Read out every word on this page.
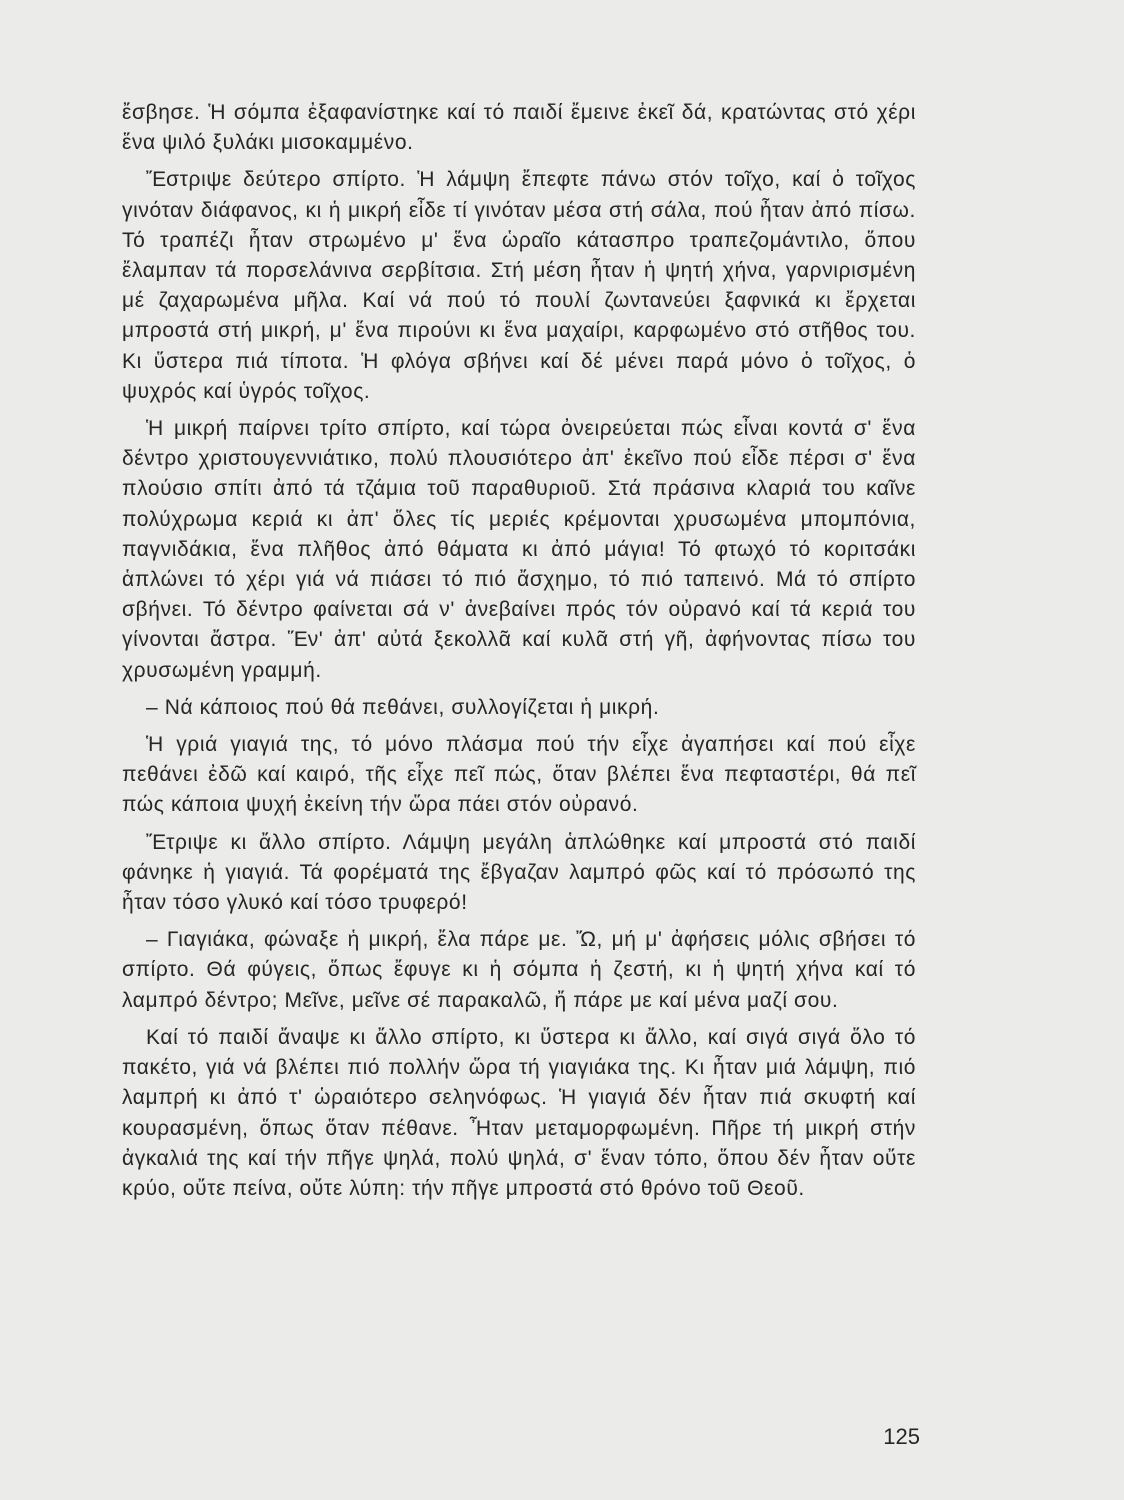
ἔσβησε. Ἡ σόμπα ἐξαφανίστηκε καί τό παιδί ἔμεινε ἐκεῖ δά, κρατώντας στό χέρι ἕνα ψιλό ξυλάκι μισοκαμμένο.

Ἔστριψε δεύτερο σπίρτο. Ἡ λάμψη ἔπεφτε πάνω στόν τοῖχο, καί ὁ τοῖχος γινόταν διάφανος, κι ἡ μικρή εἶδε τί γινόταν μέσα στή σάλα, πού ἦταν ἀπό πίσω. Τό τραπέζι ἦταν στρωμένο μ' ἕνα ὡραῖο κάτασπρο τραπεζομάντιλο, ὅπου ἔλαμπαν τά πορσελάνινα σερβίτσια. Στή μέση ἦταν ἡ ψητή χήνα, γαρνιρισμένη μέ ζαχαρωμένα μῆλα. Καί νά πού τό πουλί ζωντανεύει ξαφνικά κι ἔρχεται μπροστά στή μικρή, μ' ἕνα πιρούνι κι ἕνα μαχαίρι, καρφωμένο στό στῆθος του. Κι ὕστερα πιά τίποτα. Ἡ φλόγα σβήνει καί δέ μένει παρά μόνο ὁ τοῖχος, ὁ ψυχρός καί ὑγρός τοῖχος.

Ἡ μικρή παίρνει τρίτο σπίρτο, καί τώρα ὀνειρεύεται πώς εἶναι κοντά σ' ἕνα δέντρο χριστουγεννιάτικο, πολύ πλουσιότερο ἀπ' ἐκεῖνο πού εἶδε πέρσι σ' ἕνα πλούσιο σπίτι ἀπό τά τζάμια τοῦ παραθυριοῦ. Στά πράσινα κλαριά του καῖνε πολύχρωμα κεριά κι ἀπ' ὅλες τίς μεριές κρέμονται χρυσωμένα μπομπόνια, παγνιδάκια, ἕνα πλῆθος ἀπό θάματα κι ἀπό μάγια! Τό φτωχό τό κοριτσάκι ἁπλώνει τό χέρι γιά νά πιάσει τό πιό ἄσχημο, τό πιό ταπεινό. Μά τό σπίρτο σβήνει. Τό δέντρο φαίνεται σά ν' ἀνεβαίνει πρός τόν οὐρανό καί τά κεριά του γίνονται ἄστρα. Ἕν' ἀπ' αὐτά ξεκολλᾶ καί κυλᾶ στή γῆ, ἀφήνοντας πίσω του χρυσωμένη γραμμή.

– Νά κάποιος πού θά πεθάνει, συλλογίζεται ἡ μικρή.

Ἡ γριά γιαγιά της, τό μόνο πλάσμα πού τήν εἶχε ἀγαπήσει καί πού εἶχε πεθάνει ἐδῶ καί καιρό, τῆς εἶχε πεῖ πώς, ὅταν βλέπει ἕνα πεφταστέρι, θά πεῖ πώς κάποια ψυχή ἐκείνη τήν ὥρα πάει στόν οὐρανό.

Ἔτριψε κι ἄλλο σπίρτο. Λάμψη μεγάλη ἁπλώθηκε καί μπροστά στό παιδί φάνηκε ἡ γιαγιά. Τά φορέματά της ἔβγαζαν λαμπρό φῶς καί τό πρόσωπό της ἦταν τόσο γλυκό καί τόσο τρυφερό!

– Γιαγιάκα, φώναξε ἡ μικρή, ἔλα πάρε με. Ὤ, μή μ' ἀφήσεις μόλις σβήσει τό σπίρτο. Θά φύγεις, ὅπως ἔφυγε κι ἡ σόμπα ἡ ζεστή, κι ἡ ψητή χήνα καί τό λαμπρό δέντρο; Μεῖνε, μεῖνε σέ παρακαλῶ, ἤ πάρε με καί μένα μαζί σου.

Καί τό παιδί ἄναψε κι ἄλλο σπίρτο, κι ὕστερα κι ἄλλο, καί σιγά σιγά ὅλο τό πακέτο, γιά νά βλέπει πιό πολλήν ὥρα τή γιαγιάκα της. Κι ἦταν μιά λάμψη, πιό λαμπρή κι ἀπό τ' ὡραιότερο σεληνόφως. Ἡ γιαγιά δέν ἦταν πιά σκυφτή καί κουρασμένη, ὅπως ὅταν πέθανε. Ἦταν μεταμορφωμένη. Πῆρε τή μικρή στήν ἀγκαλιά της καί τήν πῆγε ψηλά, πολύ ψηλά, σ' ἕναν τόπο, ὅπου δέν ἦταν οὔτε κρύο, οὔτε πείνα, οὔτε λύπη: τήν πῆγε μπροστά στό θρόνο τοῦ Θεοῦ.

125
